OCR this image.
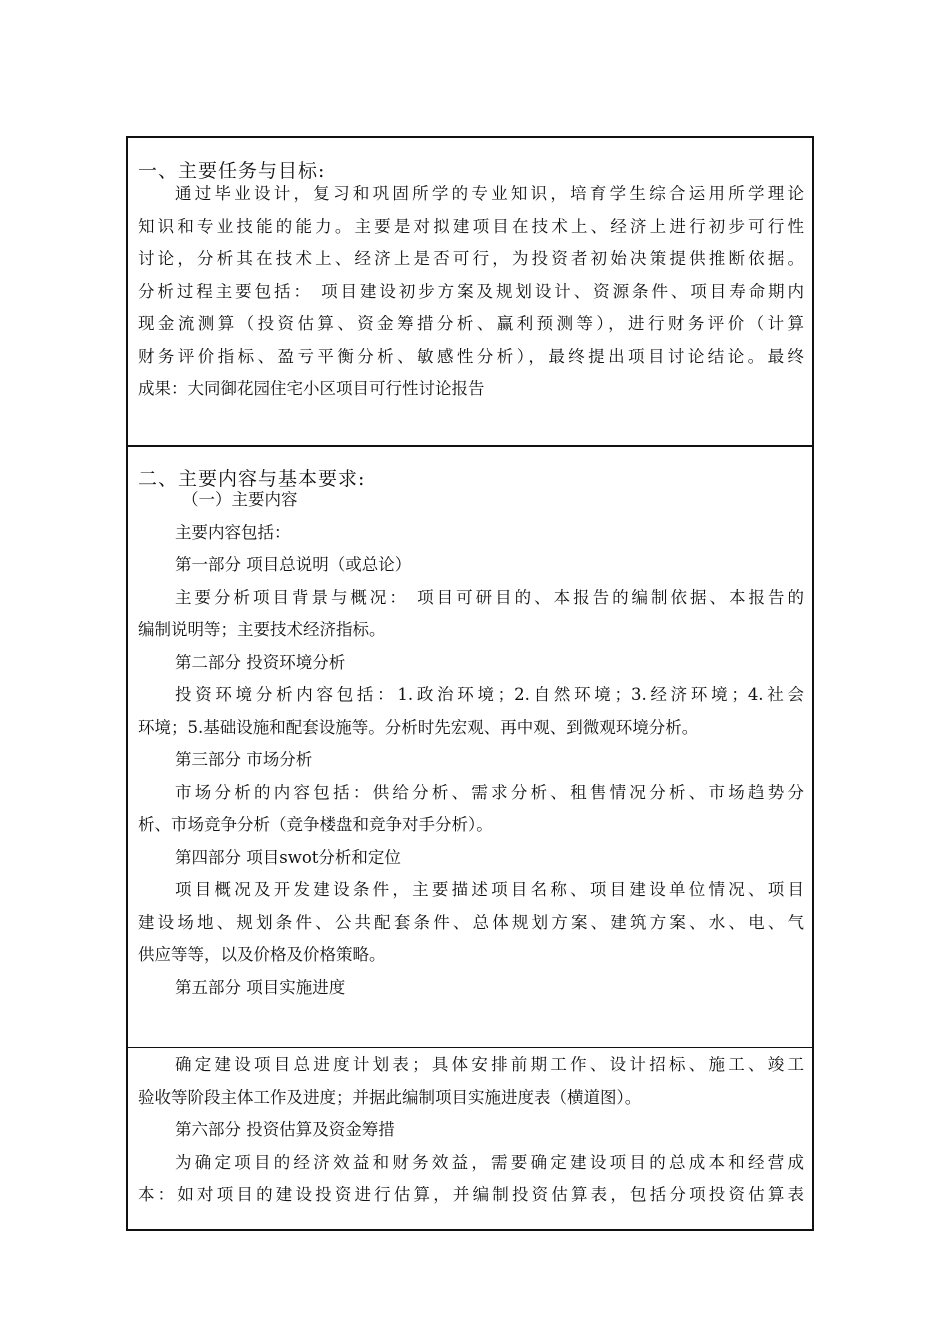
一、主要任务与目标:
通过毕业设计，复习和巩固所学的专业知识，培育学生综合运用所学理论
知识和专业技能的能力。主要是对拟建项目在技术上、经济上进行初步可行性
讨论，分析其在技术上、经济上是否可行，为投资者初始决策提供推断依据。
分析过程主要包括： 项目建设初步方案及规划设计、资源条件、项目寿命期内
现金流测算（投资估算、资金筹措分析、赢利预测等），进行财务评价（计算
财务评价指标、盈亏平衡分析、敏感性分析），最终提出项目讨论结论。最终
成果：大同御花园住宅小区项目可行性讨论报告
二、主要内容与基本要求:
（一）主要内容
主要内容包括：
第一部分 项目总说明（或总论）
主要分析项目背景与概况： 项目可研目的、本报告的编制依据、本报告的
编制说明等；主要技术经济指标。
第二部分 投资环境分析
投资环境分析内容包括：1.政治环境；2.自然环境；3.经济环境；4.社会
环境；5.基础设施和配套设施等。分析时先宏观、再中观、到微观环境分析。
第三部分 市场分析
市场分析的内容包括：供给分析、需求分析、租售情况分析、市场趋势分
析、市场竞争分析（竞争楼盘和竞争对手分析）。
第四部分 项目swot分析和定位
项目概况及开发建设条件，主要描述项目名称、项目建设单位情况、项目
建设场地、规划条件、公共配套条件、总体规划方案、建筑方案、水、电、气
供应等等，以及价格及价格策略。
第五部分 项目实施进度
确定建设项目总进度计划表；具体安排前期工作、设计招标、施工、竣工
验收等阶段主体工作及进度；并据此编制项目实施进度表（横道图）。
第六部分 投资估算及资金筹措
为确定项目的经济效益和财务效益，需要确定建设项目的总成本和经营成
本：如对项目的建设投资进行估算，并编制投资估算表，包括分项投资估算表
